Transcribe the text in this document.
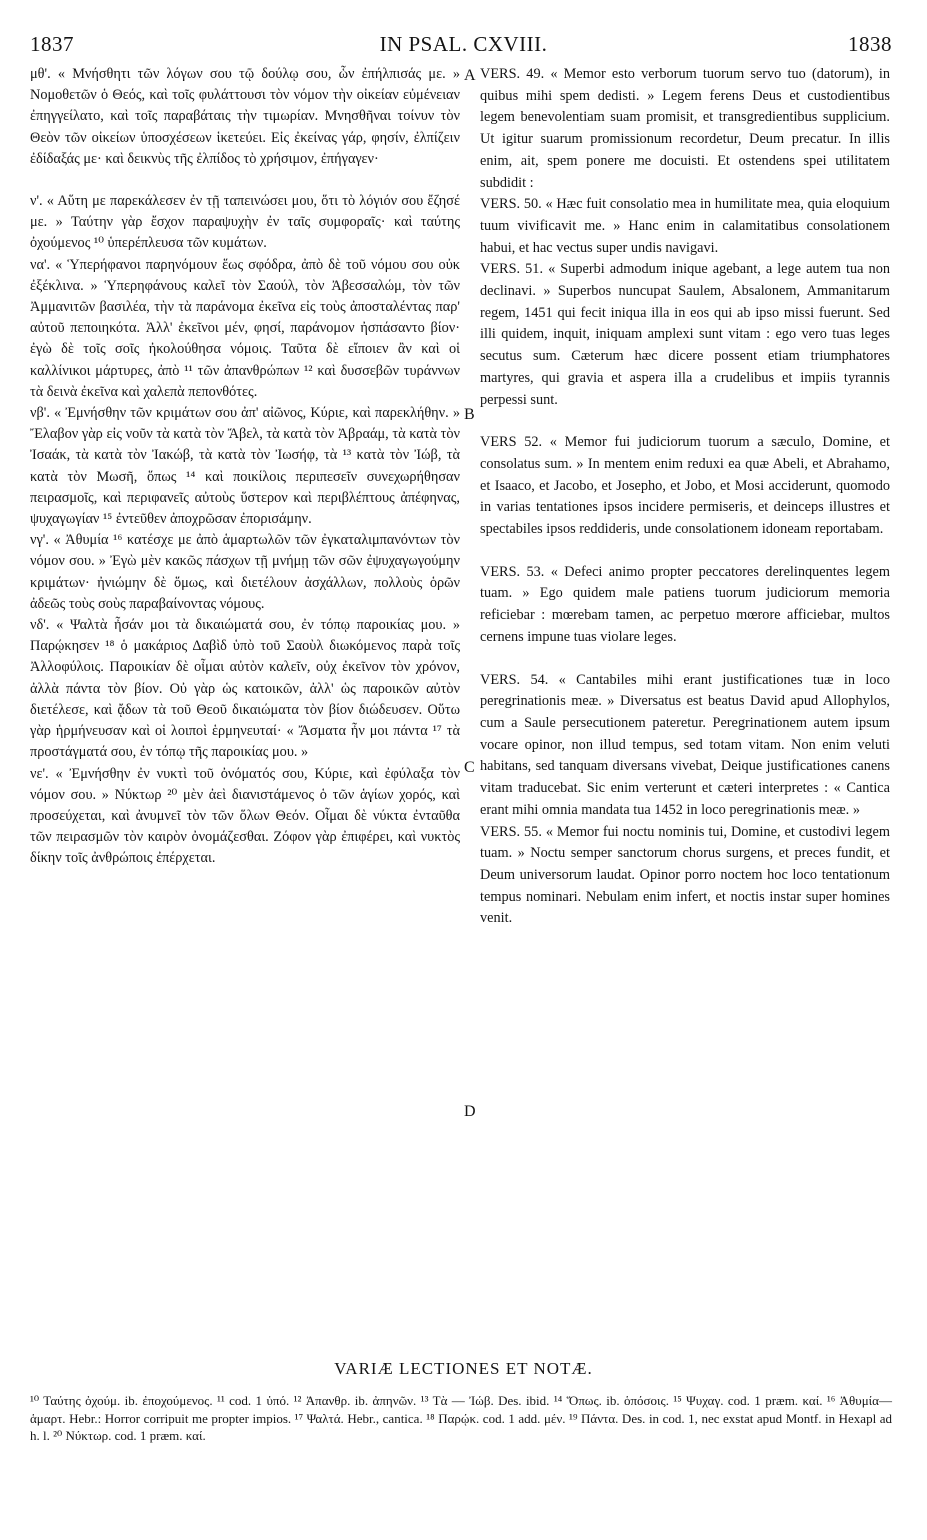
1837	IN PSAL. CXVIII.	1838
A
B
C
D

μθ'. « Μνήσθητι τῶν λόγων σου τῷ δούλῳ σου, ὧν ἐπήλπισάς με. » Νομοθετῶν ὁ Θεός, καὶ τοῖς φυλάττουσι τὸν νόμον τὴν οἰκείαν εὐμένειαν ἐπηγγείλατο, καὶ τοῖς παραβάταις τὴν τιμωρίαν. Μνησθῆναι τοίνυν τὸν Θεὸν τῶν οἰκείων ὑποσχέσεων ἱκετεύει. Εἰς ἐκείνας γάρ, φησίν, ἐλπίζειν ἐδίδαξάς με· καὶ δεικνὺς τῆς ἐλπίδος τὸ χρήσιμον, ἐπήγαγεν·

ν'. « Αὕτη με παρεκάλεσεν ἐν τῇ ταπεινώσει μου, ὅτι τὸ λόγιόν σου ἔζησέ με. » Ταύτην γὰρ ἔσχον παραψυχὴν ἐν ταῖς συμφοραῖς· καὶ ταύτης ὀχούμενος ¹⁰ ὑπερέπλευσα τῶν κυμάτων.

να'. « Ὑπερήφανοι παρηνόμουν ἕως σφόδρα, ἀπὸ δὲ τοῦ νόμου σου οὐκ ἐξέκλινα. » Ὑπερηφάνους καλεῖ τὸν Σαούλ, τὸν Ἀβεσσαλώμ, τὸν τῶν Ἀμμανιτῶν βασιλέα, τὴν τὰ παράνομα ἐκεῖνα εἰς τοὺς ἀποσταλέντας παρ' αὐτοῦ πεποιηκότα. Ἀλλ' ἐκεῖνοι μέν, φησί, παράνομον ἠσπάσαντο βίον· ἐγὼ δὲ τοῖς σοῖς ἠκολούθησα νόμοις. Ταῦτα δὲ εἴποιεν ἂν καὶ οἱ καλλίνικοι μάρτυρες, ἀπὸ ¹¹ τῶν ἀπανθρώπων ¹² καὶ δυσσεβῶν τυράννων τὰ δεινὰ ἐκεῖνα καὶ χαλεπὰ πεπονθότες.

νβ'. « Ἐμνήσθην τῶν κριμάτων σου ἀπ' αἰῶνος, Κύριε, καὶ παρεκλήθην. » Ἔλαβον γὰρ εἰς νοῦν τὰ κατὰ τὸν Ἄβελ, τὰ κατὰ τὸν Ἀβραάμ, τὰ κατὰ τὸν Ἰσαάκ, τὰ κατὰ τὸν Ἰακώβ, τὰ κατὰ τὸν Ἰωσήφ, τὰ ¹³ κατὰ τὸν Ἰώβ, τὰ κατὰ τὸν Μωσῆ, ὅπως ¹⁴ καὶ ποικίλοις περιπεσεῖν συνεχωρήθησαν πειρασμοῖς, καὶ περιφανεῖς αὐτοὺς ὕστερον καὶ περιβλέπτους ἀπέφηνας, ψυχαγωγίαν ¹⁵ ἐντεῦθεν ἀποχρῶσαν ἐπορισάμην.

νγ'. « Ἀθυμία ¹⁶ κατέσχε με ἀπὸ ἁμαρτωλῶν τῶν ἐγκαταλιμπανόντων τὸν νόμον σου. » Ἐγὼ μὲν κακῶς πάσχων τῇ μνήμῃ τῶν σῶν ἐψυχαγωγούμην κριμάτων· ἠνιώμην δὲ ὅμως, καὶ διετέλουν ἀσχάλλων, πολλοὺς ὁρῶν ἀδεῶς τοὺς σοὺς παραβαίνοντας νόμους.

νδ'. « Ψαλτὰ ἦσάν μοι τὰ δικαιώματά σου, ἐν τόπῳ παροικίας μου. » Παρῴκησεν ¹⁸ ὁ μακάριος Δαβὶδ ὑπὸ τοῦ Σαοὺλ διωκόμενος παρὰ τοῖς Ἀλλοφύλοις. Παροικίαν δὲ οἶμαι αὐτὸν καλεῖν, οὐχ ἐκεῖνον τὸν χρόνον, ἀλλὰ πάντα τὸν βίον. Οὐ γὰρ ὡς κατοικῶν, ἀλλ' ὡς παροικῶν αὐτὸν διετέλεσε, καὶ ᾄδων τὰ τοῦ Θεοῦ δικαιώματα τὸν βίον διώδευσεν. Οὕτω γὰρ ἡρμήνευσαν καὶ οἱ λοιποὶ ἑρμηνευταί· « Ἄσματα ἦν μοι πάντα ¹⁷ τὰ προστάγματά σου, ἐν τόπῳ τῆς παροικίας μου. »

νε'. « Ἐμνήσθην ἐν νυκτὶ τοῦ ὀνόματός σου, Κύριε, καὶ ἐφύλαξα τὸν νόμον σου. » Νύκτωρ ²⁰ μὲν ἀεὶ διανιστάμενος ὁ τῶν ἁγίων χορός, καὶ προσεύχεται, καὶ ἀνυμνεῖ τὸν τῶν ὅλων Θεόν. Οἶμαι δὲ νύκτα ἐνταῦθα τῶν πειρασμῶν τὸν καιρὸν ὀνομάζεσθαι. Ζόφον γὰρ ἐπιφέρει, καὶ νυκτὸς δίκην τοῖς ἀνθρώποις ἐπέρχεται.

VERS. 49. « Memor esto verborum tuorum servo tuo (datorum), in quibus mihi spem dedisti. » Legem ferens Deus et custodientibus legem benevolentiam suam promisit, et transgredientibus supplicium. Ut igitur suarum promissionum recordetur, Deum precatur. In illis enim, ait, spem ponere me docuisti. Et ostendens spei utilitatem subdidit :

VERS. 50. « Hæc fuit consolatio mea in humilitate mea, quia eloquium tuum vivificavit me. » Hanc enim in calamitatibus consolationem habui, et hac vectus super undis navigavi.

VERS. 51. « Superbi admodum inique agebant, a lege autem tua non declinavi. » Superbos nuncupat Saulem, Absalonem, Ammanitarum regem, 1451 qui fecit iniqua illa in eos qui ab ipso missi fuerunt. Sed illi quidem, inquit, iniquam amplexi sunt vitam : ego vero tuas leges secutus sum. Cæterum hæc dicere possent etiam triumphatores martyres, qui gravia et aspera illa a crudelibus et impiis tyrannis perpessi sunt.

VERS 52. « Memor fui judiciorum tuorum a sæculo, Domine, et consolatus sum. » In mentem enim reduxi ea quæ Abeli, et Abrahamo, et Isaaco, et Jacobo, et Josepho, et Jobo, et Mosi acciderunt, quomodo in varias tentationes ipsos incidere permiseris, et deinceps illustres et spectabiles ipsos reddideris, unde consolationem idoneam reportabam.

VERS. 53. « Defeci animo propter peccatores derelinquentes legem tuam. » Ego quidem male patiens tuorum judiciorum memoria reficiebar : mœrebam tamen, ac perpetuo mœrore afficiebar, multos cernens impune tuas violare leges.

VERS. 54. « Cantabiles mihi erant justificationes tuæ in loco peregrinationis meæ. » Diversatus est beatus David apud Allophylos, cum a Saule persecutionem pateretur. Peregrinationem autem ipsum vocare opinor, non illud tempus, sed totam vitam. Non enim veluti habitans, sed tanquam diversans vivebat, Deique justificationes canens vitam traducebat. Sic enim verterunt et cæteri interpretes : « Cantica erant mihi omnia mandata tua 1452 in loco peregrinationis meæ. »

VERS. 55. « Memor fui noctu nominis tui, Domine, et custodivi legem tuam. » Noctu semper sanctorum chorus surgens, et preces fundit, et Deum universorum laudat. Opinor porro noctem hoc loco tentationum tempus nominari. Nebulam enim infert, et noctis instar super homines venit.

VARIÆ LECTIONES ET NOTÆ.
¹⁰ Ταύτης ὀχούμ. ib. ἐποχούμενος. ¹¹ cod. 1 ὑπό. ¹² Ἀπανθρ. ib. ἀπηνῶν. ¹³ Τὰ — Ἰώβ. Des. ibid. ¹⁴ Ὅπως. ib. ὁπόσοις. ¹⁵ Ψυχαγ. cod. 1 præm. καί. ¹⁶ Ἀθυμία—ἁμαρτ. Hebr.: Horror corripuit me propter impios. ¹⁷ Ψαλτά. Hebr., cantica. ¹⁸ Παρῴκ. cod. 1 add. μέν. ¹⁹ Πάντα. Des. in cod. 1, nec exstat apud Montf. in Hexapl ad h. l. ²⁰ Νύκτωρ. cod. 1 præm. καί.
